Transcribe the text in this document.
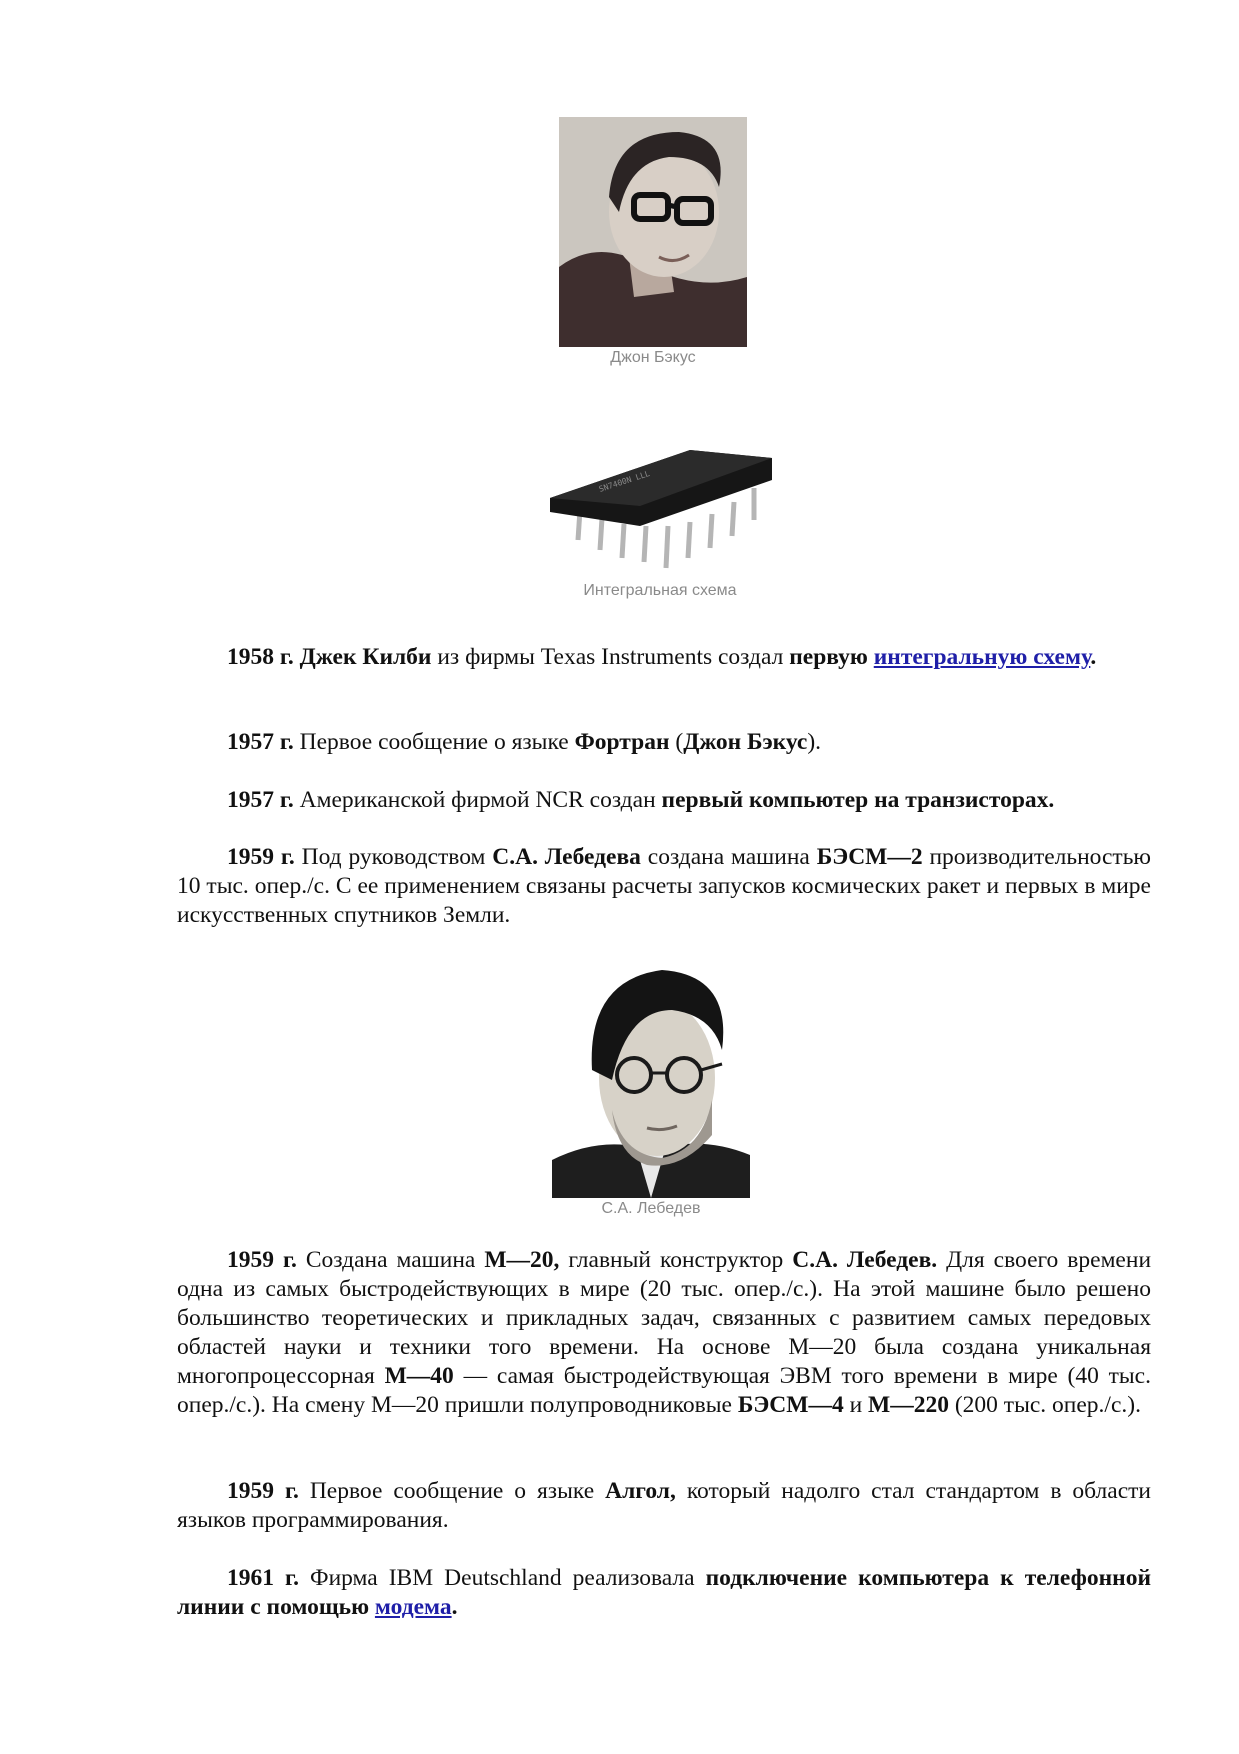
Джон Бэкус
SN7400N LLL
Интегральная схема

1958 г. Джек Килби из фирмы Texas Instruments создал первую интегральную схему.

1957 г. Первое сообщение о языке Фортран (Джон Бэкус).

1957 г. Американской фирмой NCR создан первый компьютер на транзисторах.

1959 г. Под руководством С.А. Лебедева создана машина БЭСМ—2 производительностью 10 тыс. опер./с. С ее применением связаны расчеты запусков космических ракет и первых в мире искусственных спутников Земли.

С.А. Лебедев

1959 г. Создана машина М—20, главный конструктор С.А. Лебедев. Для своего времени одна из самых быстродействующих в мире (20 тыс. опер./с.). На этой машине было решено большинство теоретических и прикладных задач, связанных с развитием самых передовых областей науки и техники того времени. На основе М—20 была создана уникальная многопроцессорная М—40 — самая быстродействующая ЭВМ того времени в мире (40 тыс. опер./с.). На смену М—20 пришли полупроводниковые БЭСМ—4 и М—220 (200 тыс. опер./с.).

1959 г. Первое сообщение о языке Алгол, который надолго стал стандартом в области языков программирования.

1961 г. Фирма IBM Deutschland реализовала подключение компьютера к телефонной линии с помощью модема.
